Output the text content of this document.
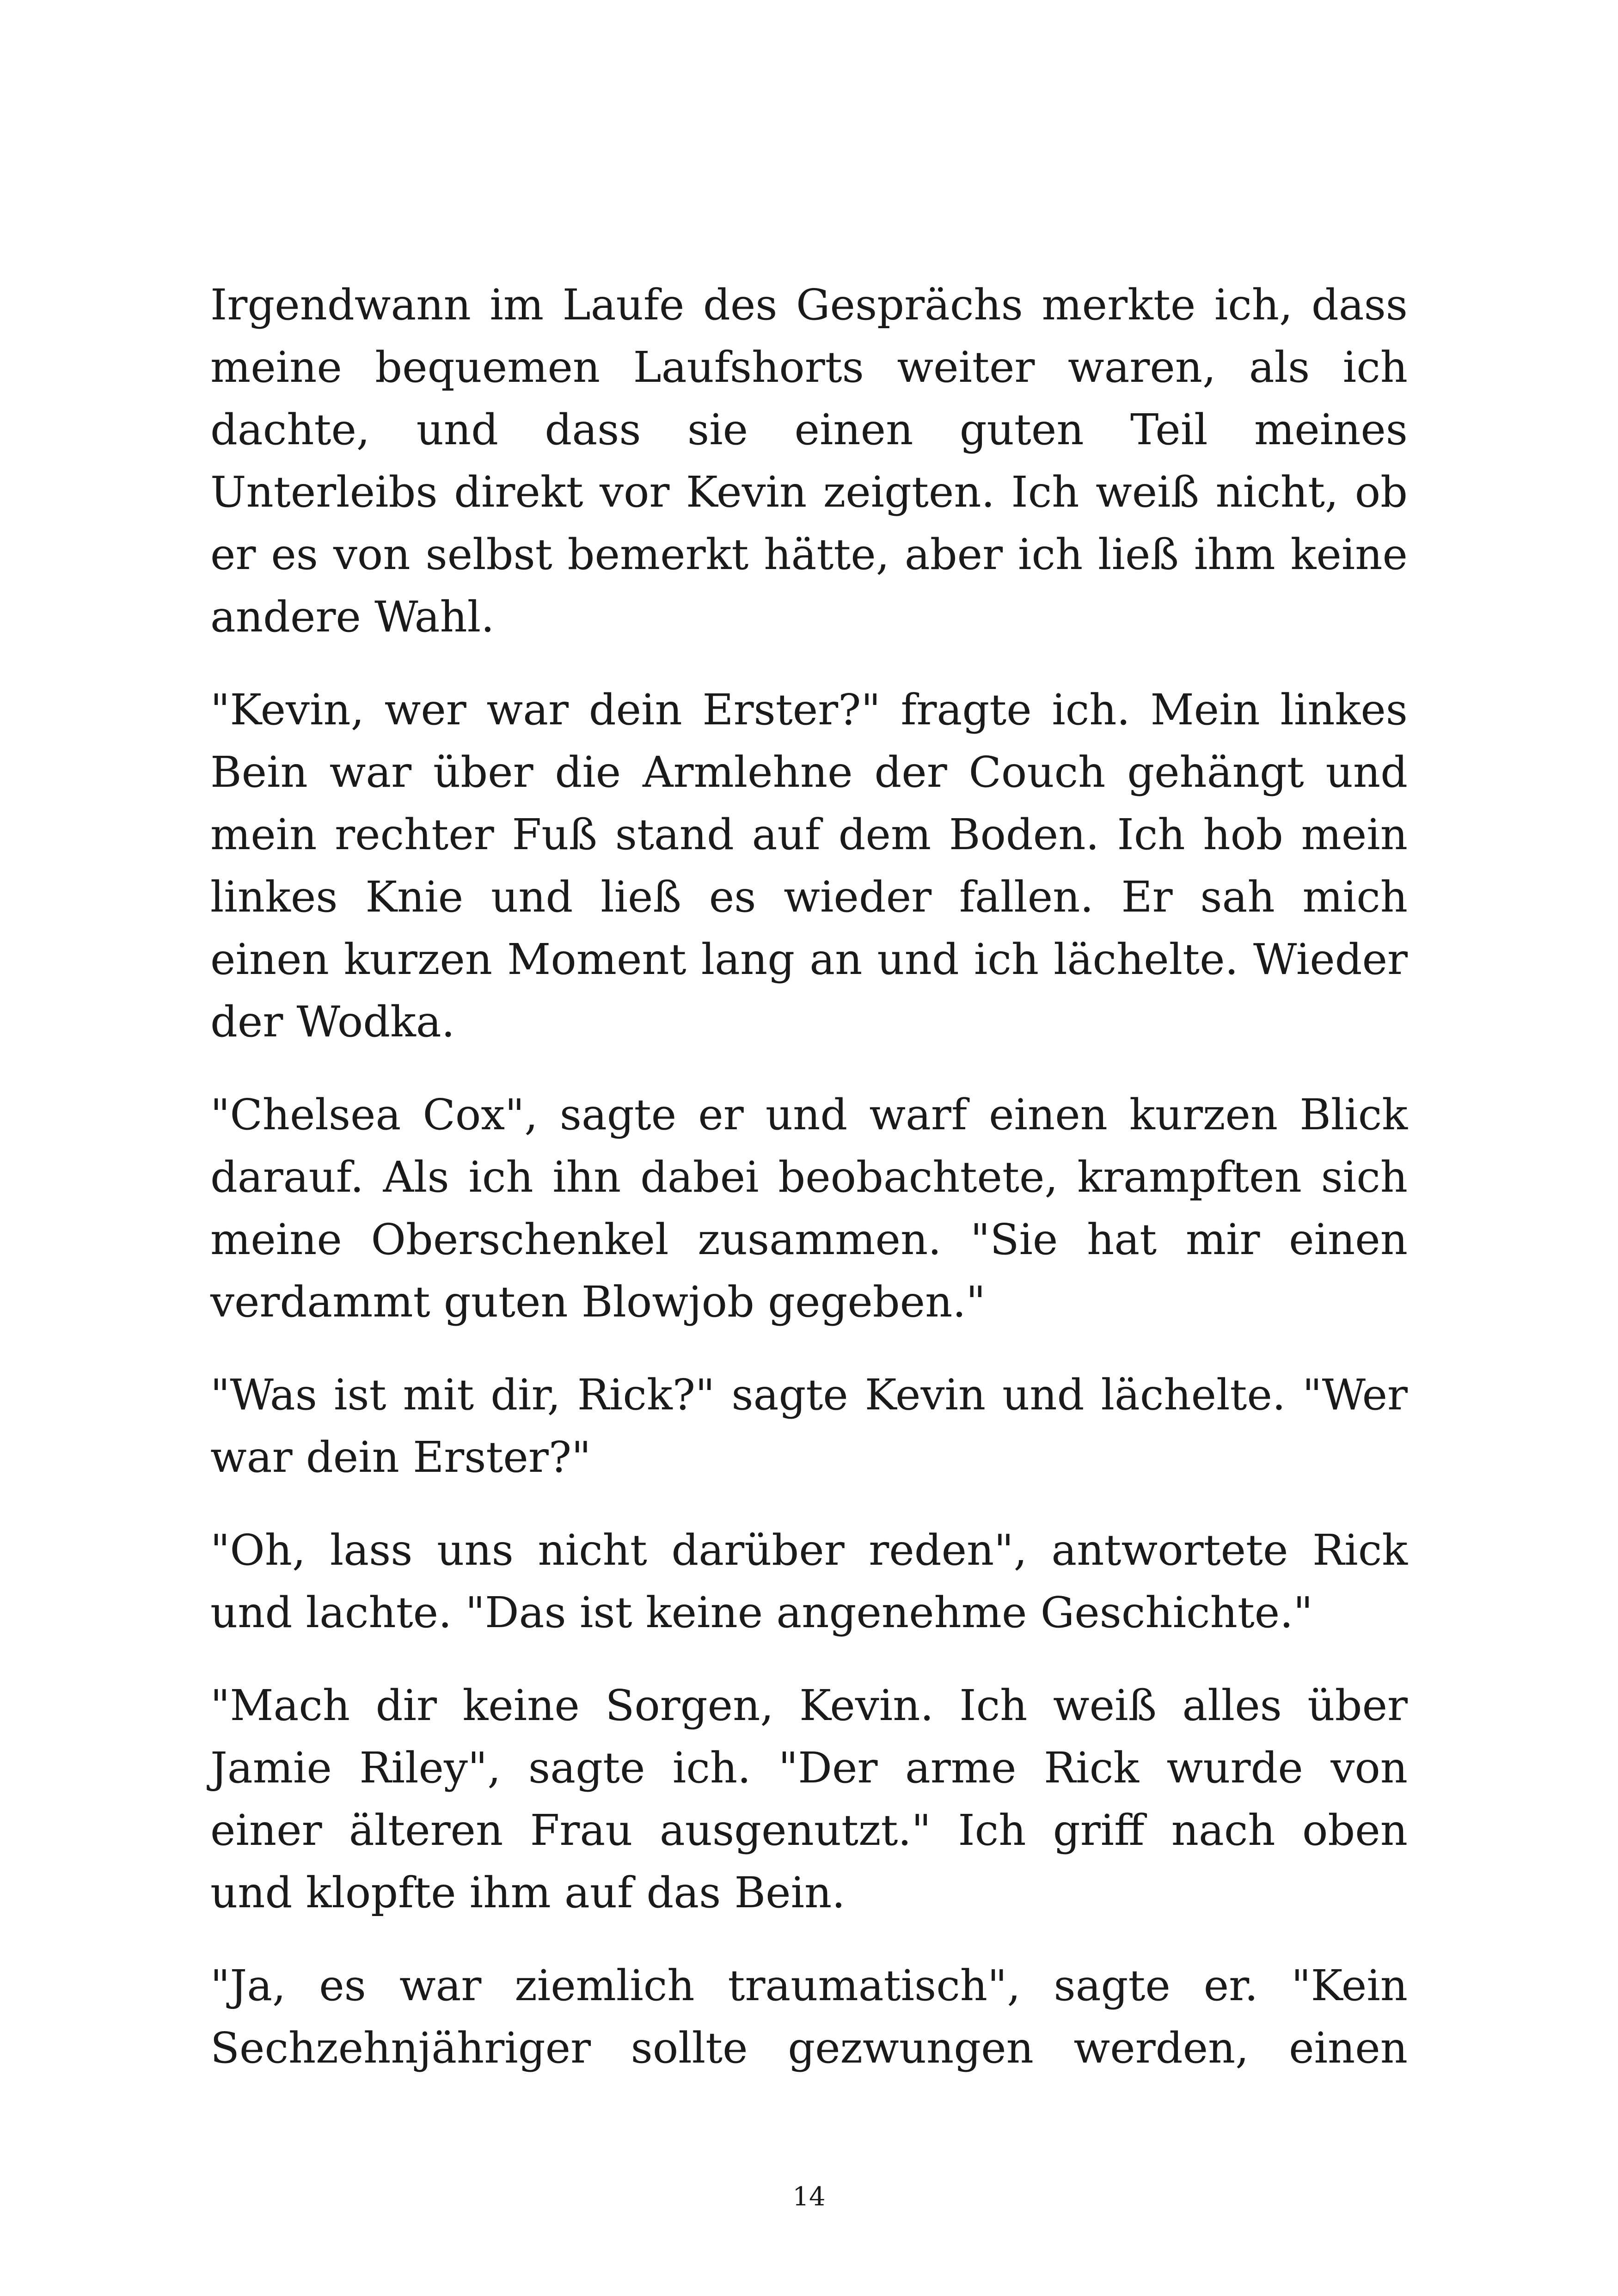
Irgendwann im Laufe des Gesprächs merkte ich, dass meine bequemen Laufshorts weiter waren, als ich dachte, und dass sie einen guten Teil meines Unterleibs direkt vor Kevin zeigten. Ich weiß nicht, ob er es von selbst bemerkt hätte, aber ich ließ ihm keine andere Wahl.

"Kevin, wer war dein Erster?" fragte ich. Mein linkes Bein war über die Armlehne der Couch gehängt und mein rechter Fuß stand auf dem Boden. Ich hob mein linkes Knie und ließ es wieder fallen. Er sah mich einen kurzen Moment lang an und ich lächelte. Wieder der Wodka.

"Chelsea Cox", sagte er und warf einen kurzen Blick darauf. Als ich ihn dabei beobachtete, krampften sich meine Oberschenkel zusammen. "Sie hat mir einen verdammt guten Blowjob gegeben."

"Was ist mit dir, Rick?" sagte Kevin und lächelte. "Wer war dein Erster?"

"Oh, lass uns nicht darüber reden", antwortete Rick und lachte. "Das ist keine angenehme Geschichte."

"Mach dir keine Sorgen, Kevin. Ich weiß alles über Jamie Riley", sagte ich. "Der arme Rick wurde von einer älteren Frau ausgenutzt." Ich griff nach oben und klopfte ihm auf das Bein.

"Ja, es war ziemlich traumatisch", sagte er. "Kein Sechzehnjähriger sollte gezwungen werden, einen

14
